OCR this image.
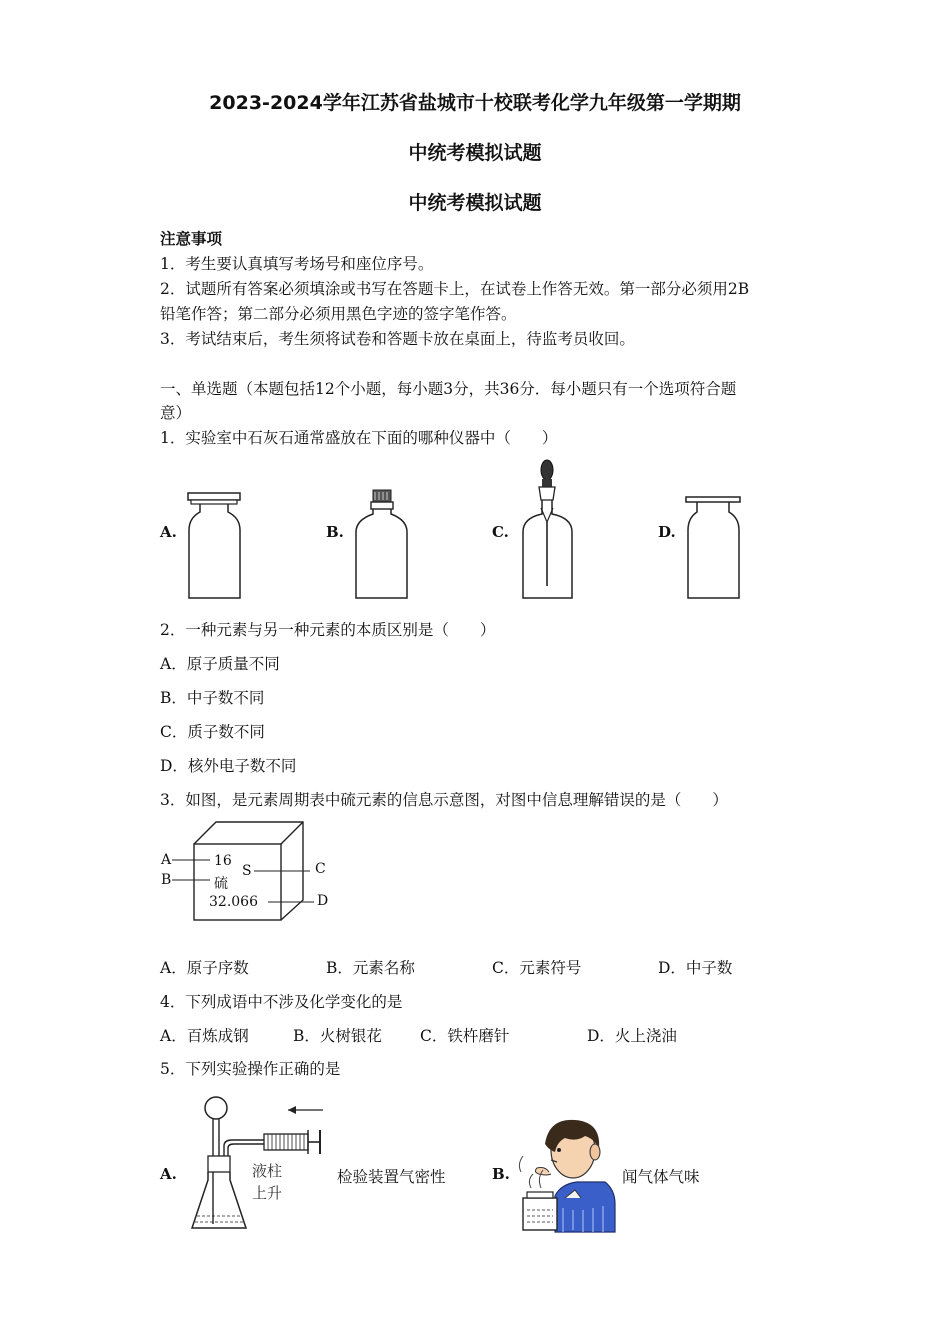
2023-2024学年江苏省盐城市十校联考化学九年级第一学期期
中统考模拟试题
中统考模拟试题
注意事项
1．考生要认真填写考场号和座位序号。
2．试题所有答案必须填涂或书写在答题卡上，在试卷上作答无效。第一部分必须用2B
铅笔作答；第二部分必须用黑色字迹的签字笔作答。
3．考试结束后，考生须将试卷和答题卡放在桌面上，待监考员收回。
一、单选题（本题包括12个小题，每小题3分，共36分．每小题只有一个选项符合题
意）
1．实验室中石灰石通常盛放在下面的哪种仪器中（　　）
A.	B.	C.	D.
2．一种元素与另一种元素的本质区别是（　　）
A．原子质量不同
B．中子数不同
C．质子数不同
D．核外电子数不同
3．如图，是元素周期表中硫元素的信息示意图，对图中信息理解错误的是（　　）
A
B
C
D
16
S
硫
32.066
A．原子序数	B．元素名称	C．元素符号	D．中子数
4．下列成语中不涉及化学变化的是
A．百炼成钢	B．火树银花 C．铁杵磨针	D．火上浇油
5．下列实验操作正确的是
A.	液柱
上升
检验装置气密性	B.	闻气体气味
